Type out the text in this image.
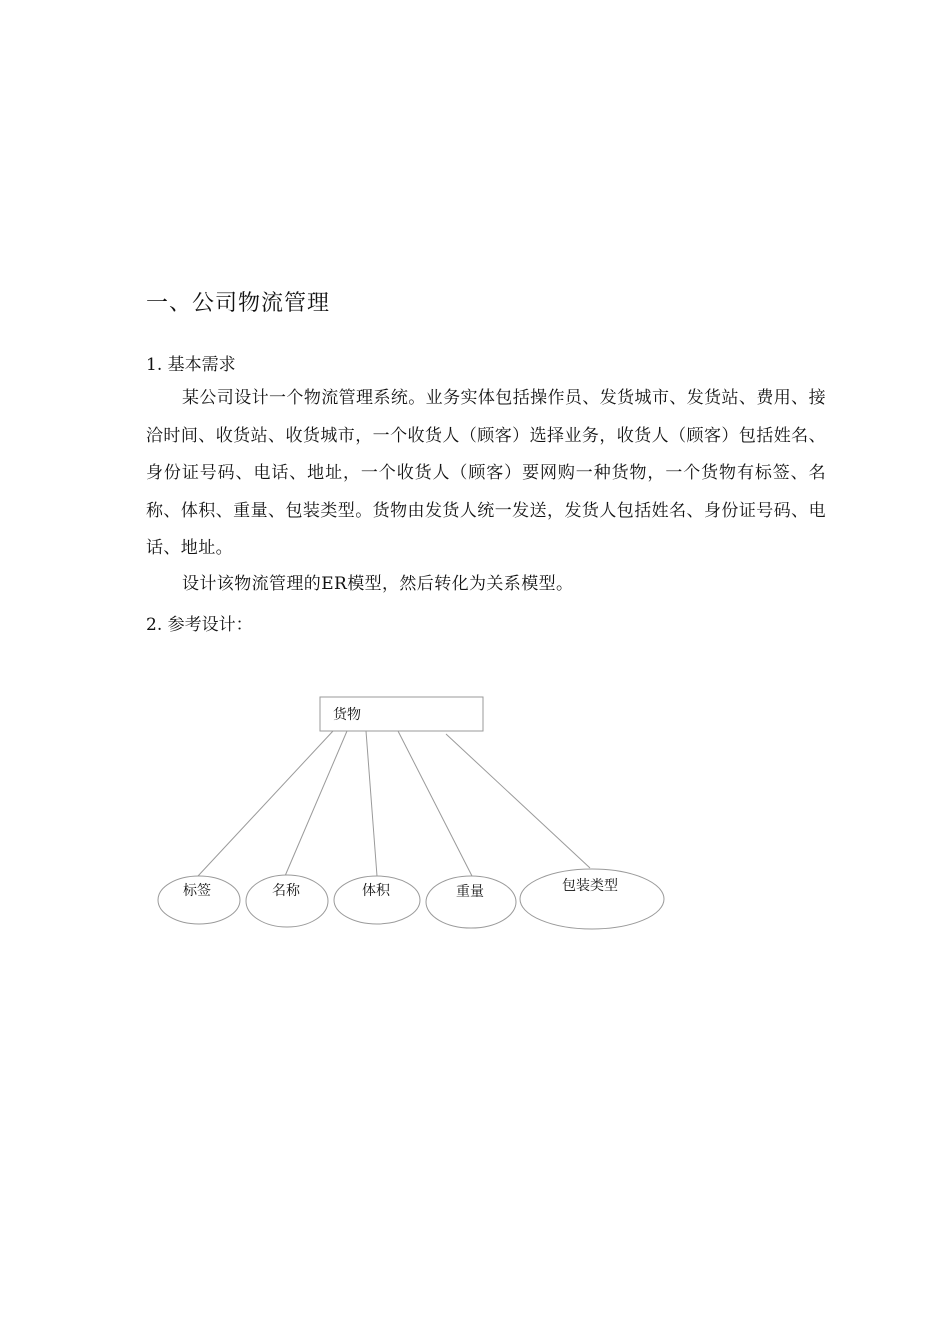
一、公司物流管理
1. 基本需求
某公司设计一个物流管理系统。业务实体包括操作员、发货城市、发货站、费用、接洽时间、收货站、收货城市，一个收货人（顾客）选择业务，收货人（顾客）包括姓名、身份证号码、电话、地址，一个收货人（顾客）要网购一种货物，一个货物有标签、名称、体积、重量、包装类型。货物由发货人统一发送，发货人包括姓名、身份证号码、电话、地址。
设计该物流管理的ER模型，然后转化为关系模型。
2. 参考设计：
货物
标签	名称	体积	重量	包装类型
